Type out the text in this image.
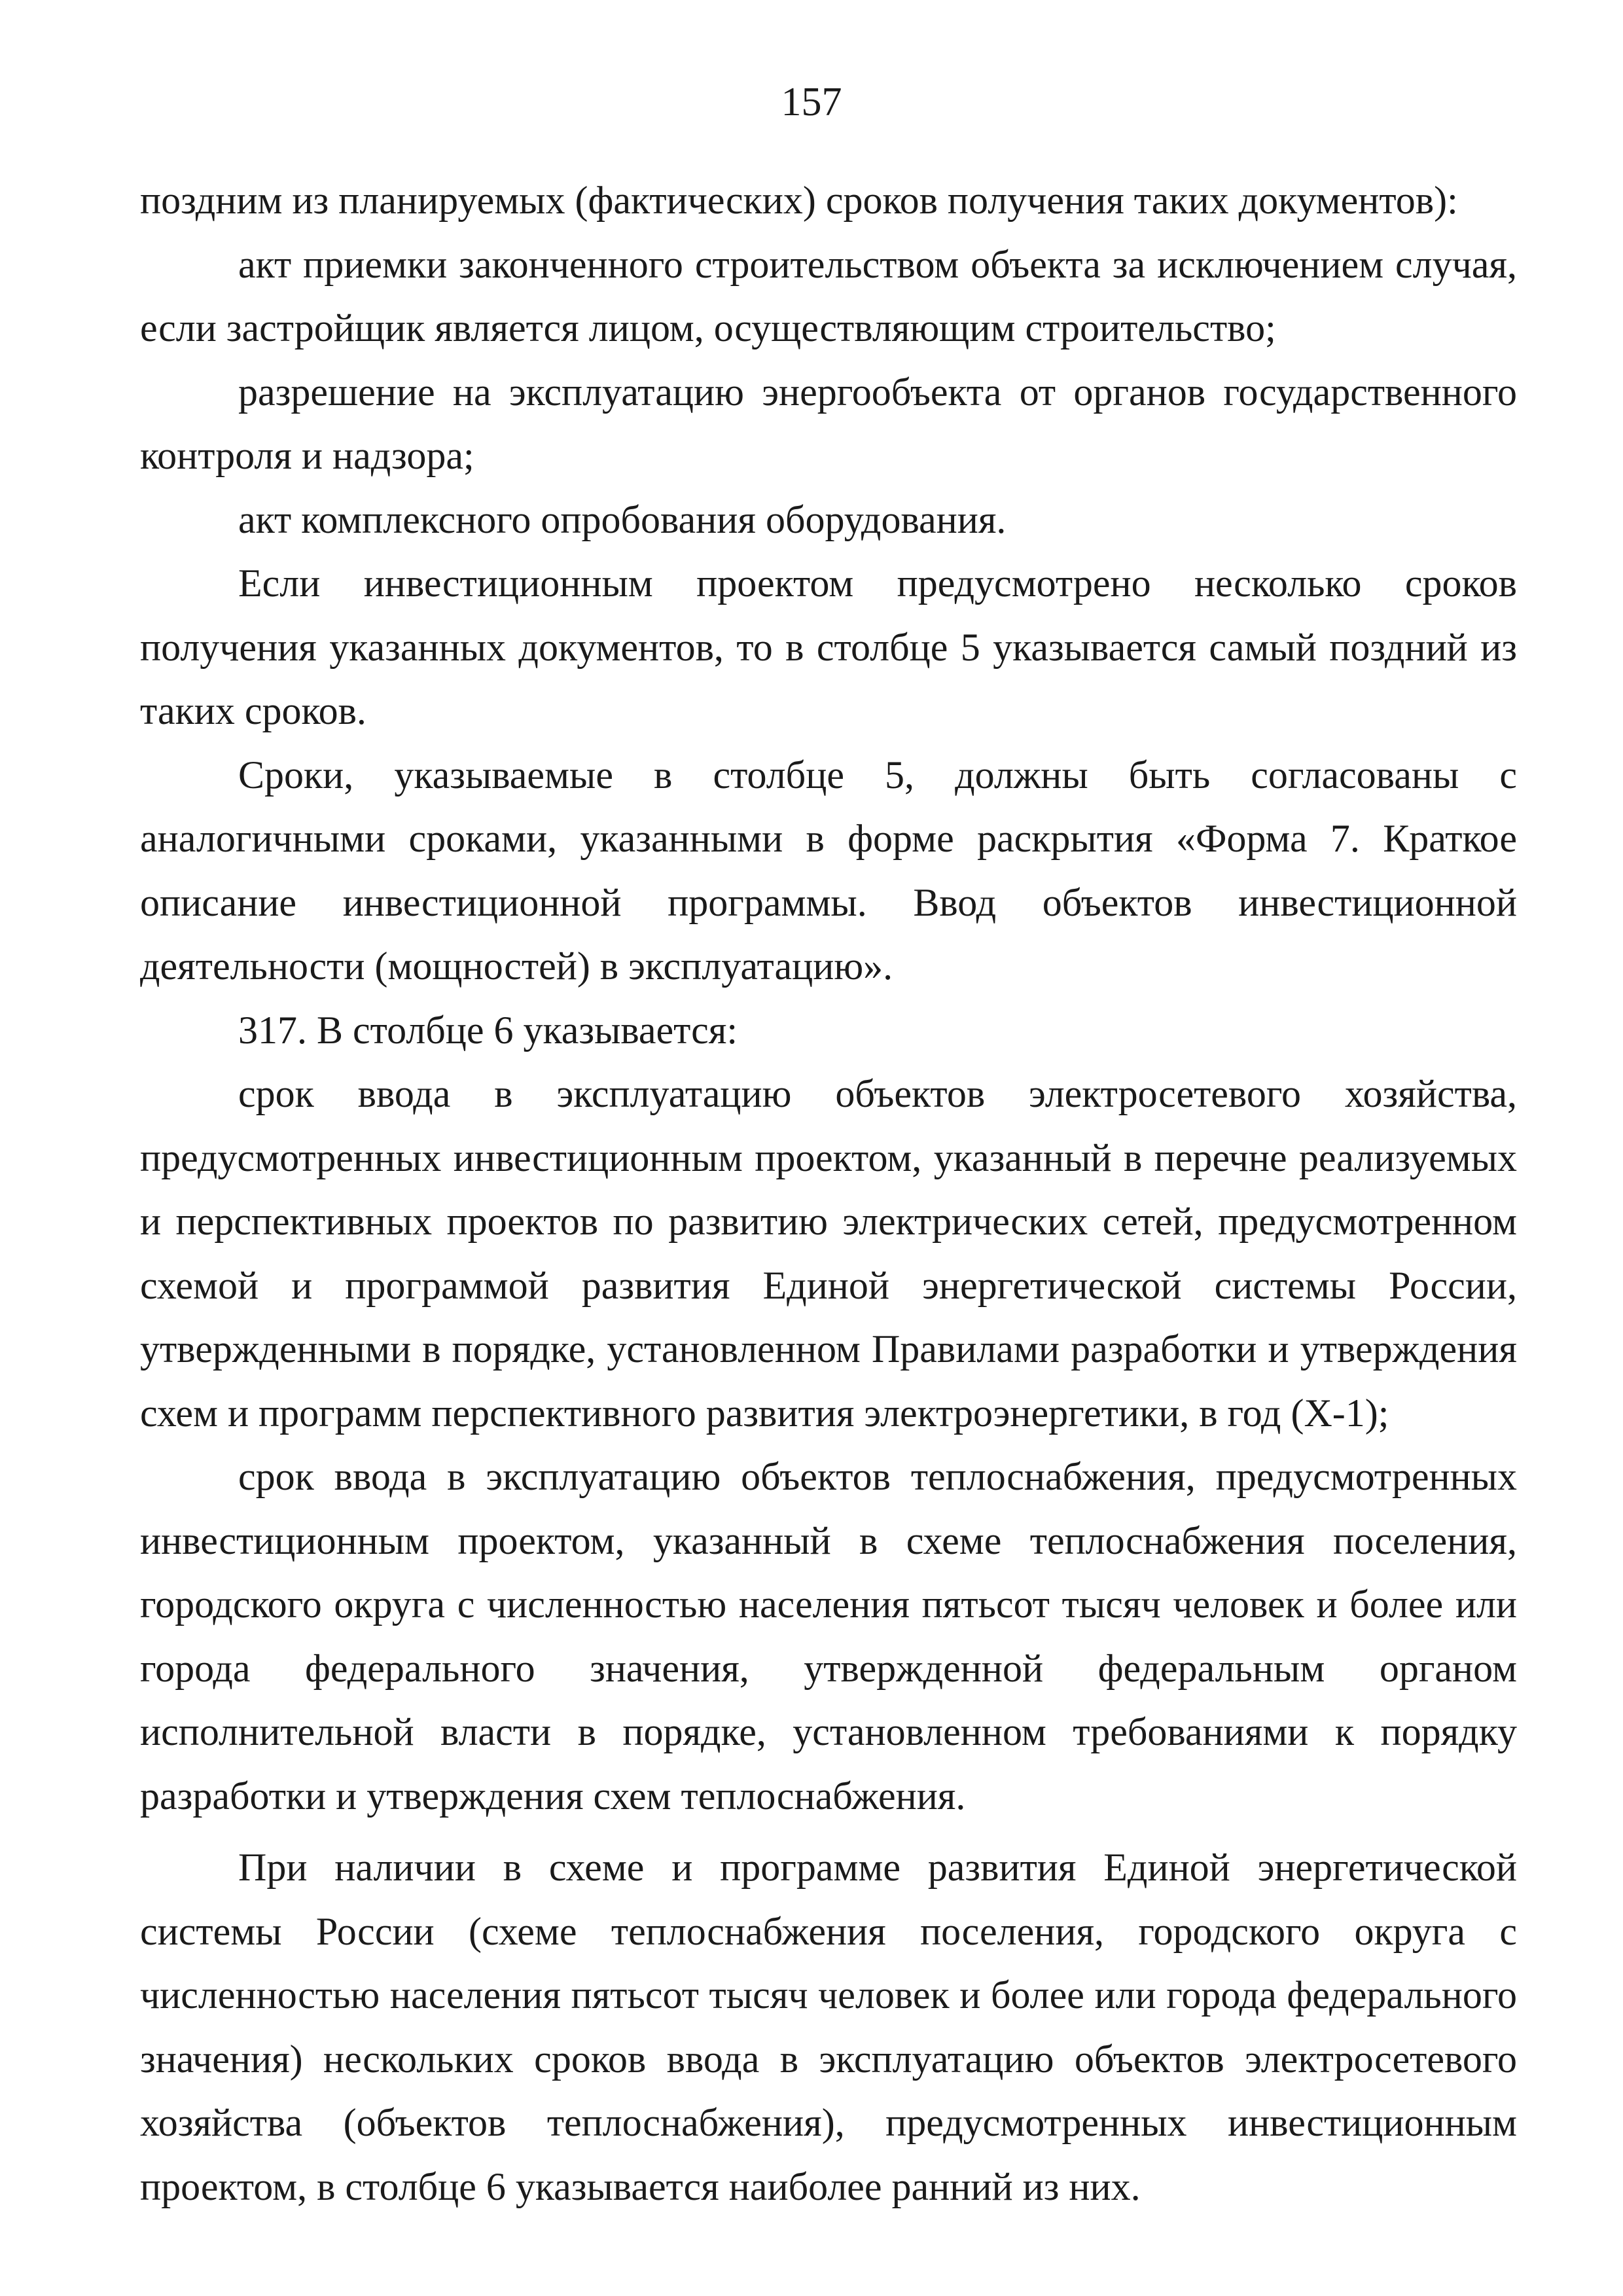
157

поздним из планируемых (фактических) сроков получения таких документов):

акт приемки законченного строительством объекта за исключением случая, если застройщик является лицом, осуществляющим строительство;

разрешение на эксплуатацию энергообъекта от органов государственного контроля и надзора;

акт комплексного опробования оборудования.

Если инвестиционным проектом предусмотрено несколько сроков получения указанных документов, то в столбце 5 указывается самый поздний из таких сроков.

Сроки, указываемые в столбце 5, должны быть согласованы с аналогичными сроками, указанными в форме раскрытия «Форма 7. Краткое описание инвестиционной программы. Ввод объектов инвестиционной деятельности (мощностей) в эксплуатацию».

317. В столбце 6 указывается:

срок ввода в эксплуатацию объектов электросетевого хозяйства, предусмотренных инвестиционным проектом, указанный в перечне реализуемых и перспективных проектов по развитию электрических сетей, предусмотренном схемой и программой развития Единой энергетической системы России, утвержденными в порядке, установленном Правилами разработки и утверждения схем и программ перспективного развития электроэнергетики, в год (X-1);

срок ввода в эксплуатацию объектов теплоснабжения, предусмотренных инвестиционным проектом, указанный в схеме теплоснабжения поселения, городского округа с численностью населения пятьсот тысяч человек и более или города федерального значения, утвержденной федеральным органом исполнительной власти в порядке, установленном требованиями к порядку разработки и утверждения схем теплоснабжения.

При наличии в схеме и программе развития Единой энергетической системы России (схеме теплоснабжения поселения, городского округа с численностью населения пятьсот тысяч человек и более или города федерального значения) нескольких сроков ввода в эксплуатацию объектов электросетевого хозяйства (объектов теплоснабжения), предусмотренных инвестиционным проектом, в столбце 6 указывается наиболее ранний из них.
